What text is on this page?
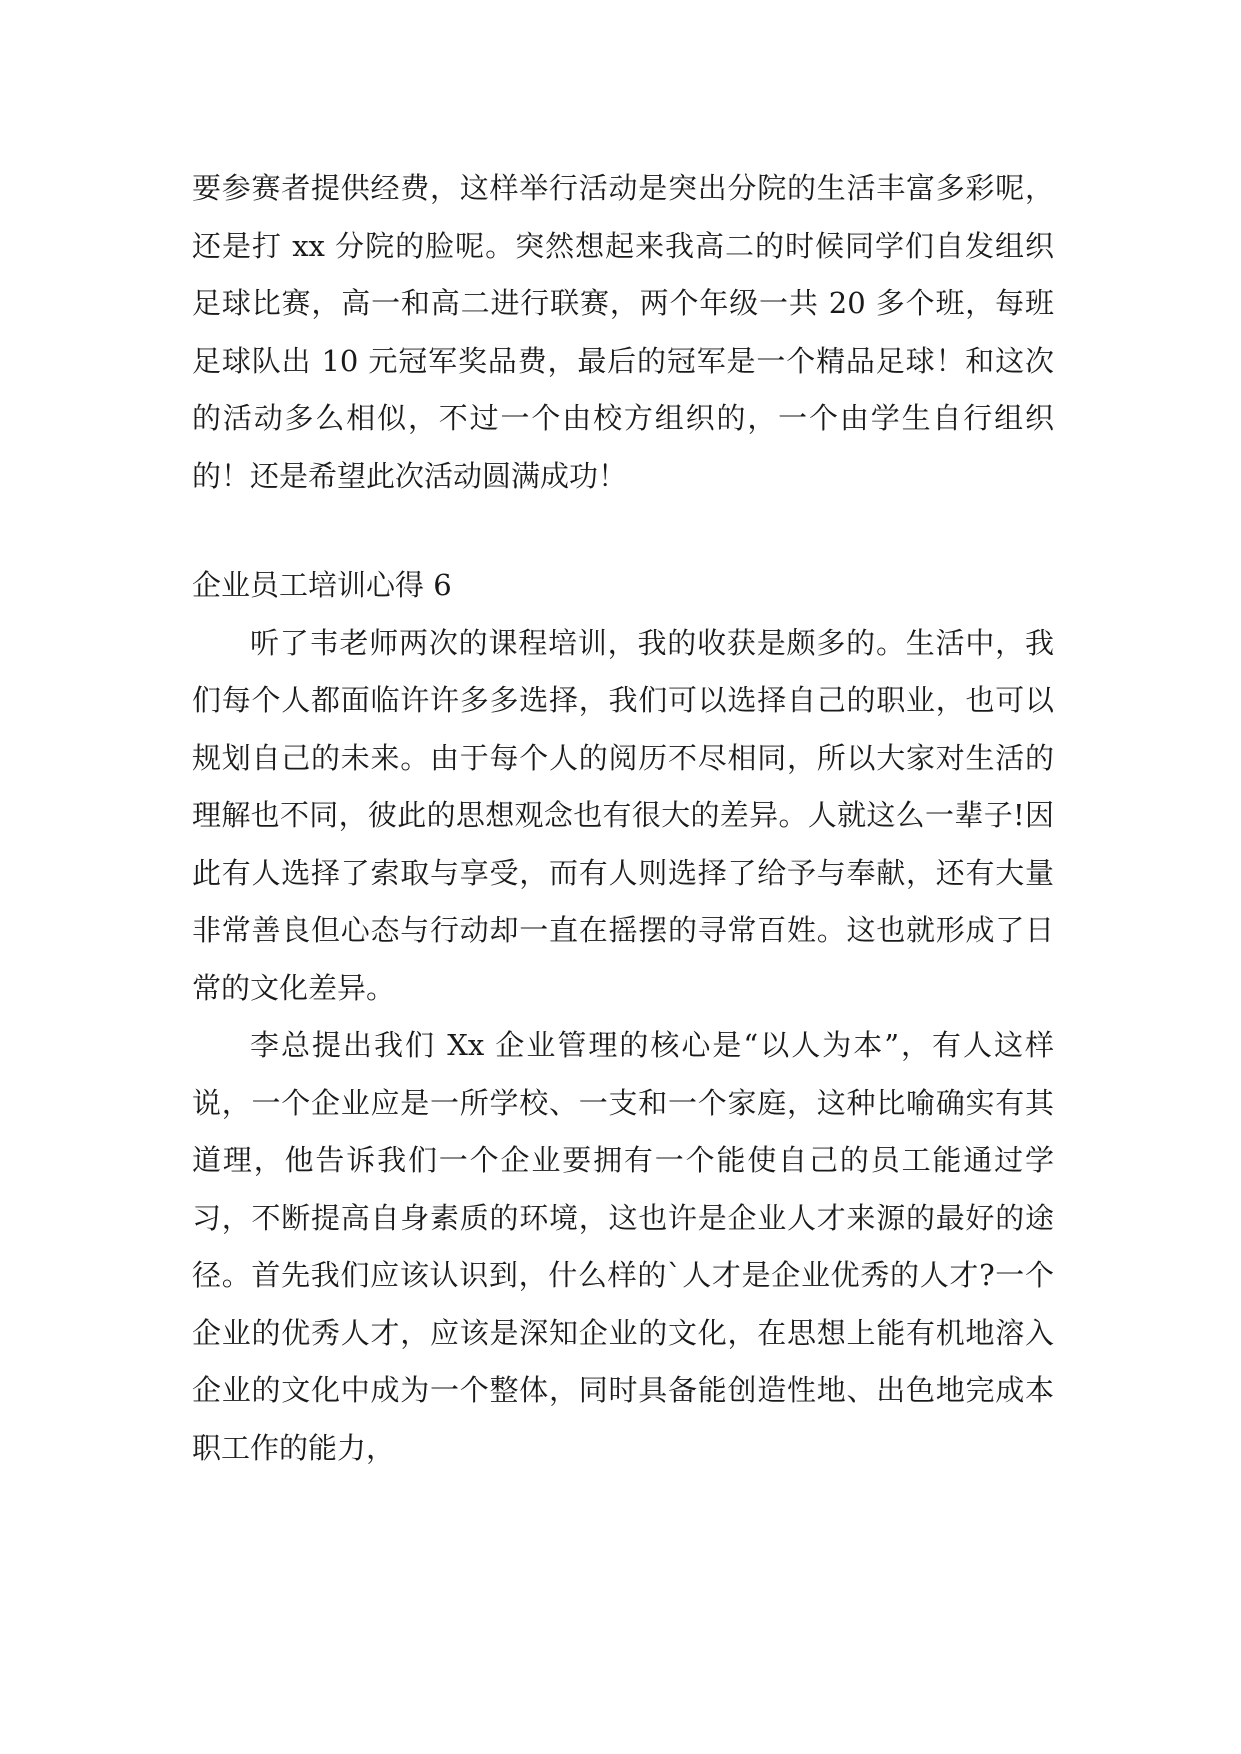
要参赛者提供经费，这样举行活动是突出分院的生活丰富多彩呢，还是打 xx 分院的脸呢。突然想起来我高二的时候同学们自发组织足球比赛，高一和高二进行联赛，两个年级一共 20 多个班，每班足球队出 10 元冠军奖品费，最后的冠军是一个精品足球！和这次的活动多么相似，不过一个由校方组织的，一个由学生自行组织的！还是希望此次活动圆满成功！

企业员工培训心得 6

听了韦老师两次的课程培训，我的收获是颇多的。生活中，我们每个人都面临许许多多选择，我们可以选择自己的职业，也可以规划自己的未来。由于每个人的阅历不尽相同，所以大家对生活的理解也不同，彼此的思想观念也有很大的差异。人就这么一辈子!因此有人选择了索取与享受，而有人则选择了给予与奉献，还有大量非常善良但心态与行动却一直在摇摆的寻常百姓。这也就形成了日常的文化差异。

李总提出我们 Xx 企业管理的核心是“以人为本”，有人这样说，一个企业应是一所学校、一支和一个家庭，这种比喻确实有其道理，他告诉我们一个企业要拥有一个能使自己的员工能通过学习，不断提高自身素质的环境，这也许是企业人才来源的最好的途径。首先我们应该认识到，什么样的`人才是企业优秀的人才?一个企业的优秀人才，应该是深知企业的文化，在思想上能有机地溶入企业的文化中成为一个整体，同时具备能创造性地、出色地完成本职工作的能力，
